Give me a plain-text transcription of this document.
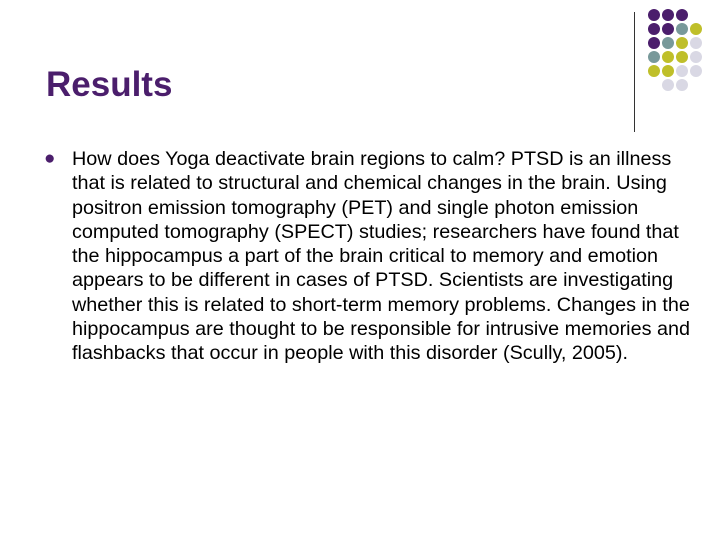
Results
● How does Yoga deactivate brain regions to calm? PTSD is an illness that is related to structural and chemical changes in the brain. Using positron emission tomography (PET) and single photon emission computed tomography (SPECT) studies; researchers have found that the hippocampus a part of the brain critical to memory and emotion appears to be different in cases of PTSD. Scientists are investigating whether this is related to short-term memory problems. Changes in the hippocampus are thought to be responsible for intrusive memories and flashbacks that occur in people with this disorder (Scully, 2005).
